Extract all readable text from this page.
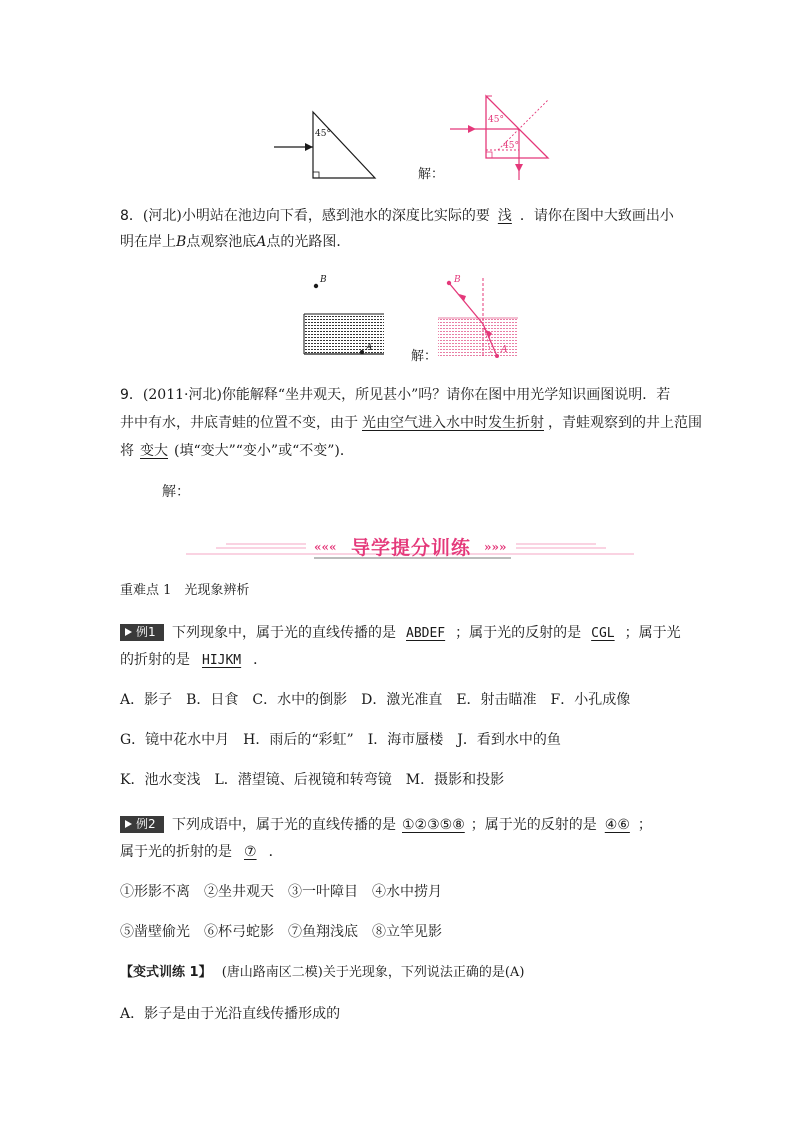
45°
解：
45°
45°
8．(河北)小明站在池边向下看，感到池水的深度比实际的要 浅 ．请你在图中大致画出小
明在岸上B点观察池底A点的光路图．
B
A
解：
B
A
9．(2011·河北)你能解释“坐井观天，所见甚小”吗？请你在图中用光学知识画图说明．若
井中有水，井底青蛙的位置不变，由于 光由空气进入水中时发生折射 ，青蛙观察到的井上范围
将 变大 (填“变大”“变小”或“不变”)．
解：
«««	»»»
导学提分训练
重难点 1　光现象辨析
例1 下列现象中，属于光的直线传播的是 ABDEF ；属于光的反射的是 CGL ；属于光
的折射的是 HIJKM ．
A．影子　B．日食　C．水中的倒影　D．激光准直　E．射击瞄准　F．小孔成像
G．镜中花水中月　H．雨后的“彩虹”　I．海市蜃楼　J．看到水中的鱼
K．池水变浅　L．潜望镜、后视镜和转弯镜　M．摄影和投影
例2 下列成语中，属于光的直线传播的是 ①②③⑤⑧ ；属于光的反射的是 ④⑥ ；
属于光的折射的是 ⑦ ．
①形影不离　②坐井观天　③一叶障目　④水中捞月
⑤凿壁偷光　⑥杯弓蛇影　⑦鱼翔浅底　⑧立竿见影
【变式训练 1】 (唐山路南区二模)关于光现象，下列说法正确的是(A)
A．影子是由于光沿直线传播形成的
